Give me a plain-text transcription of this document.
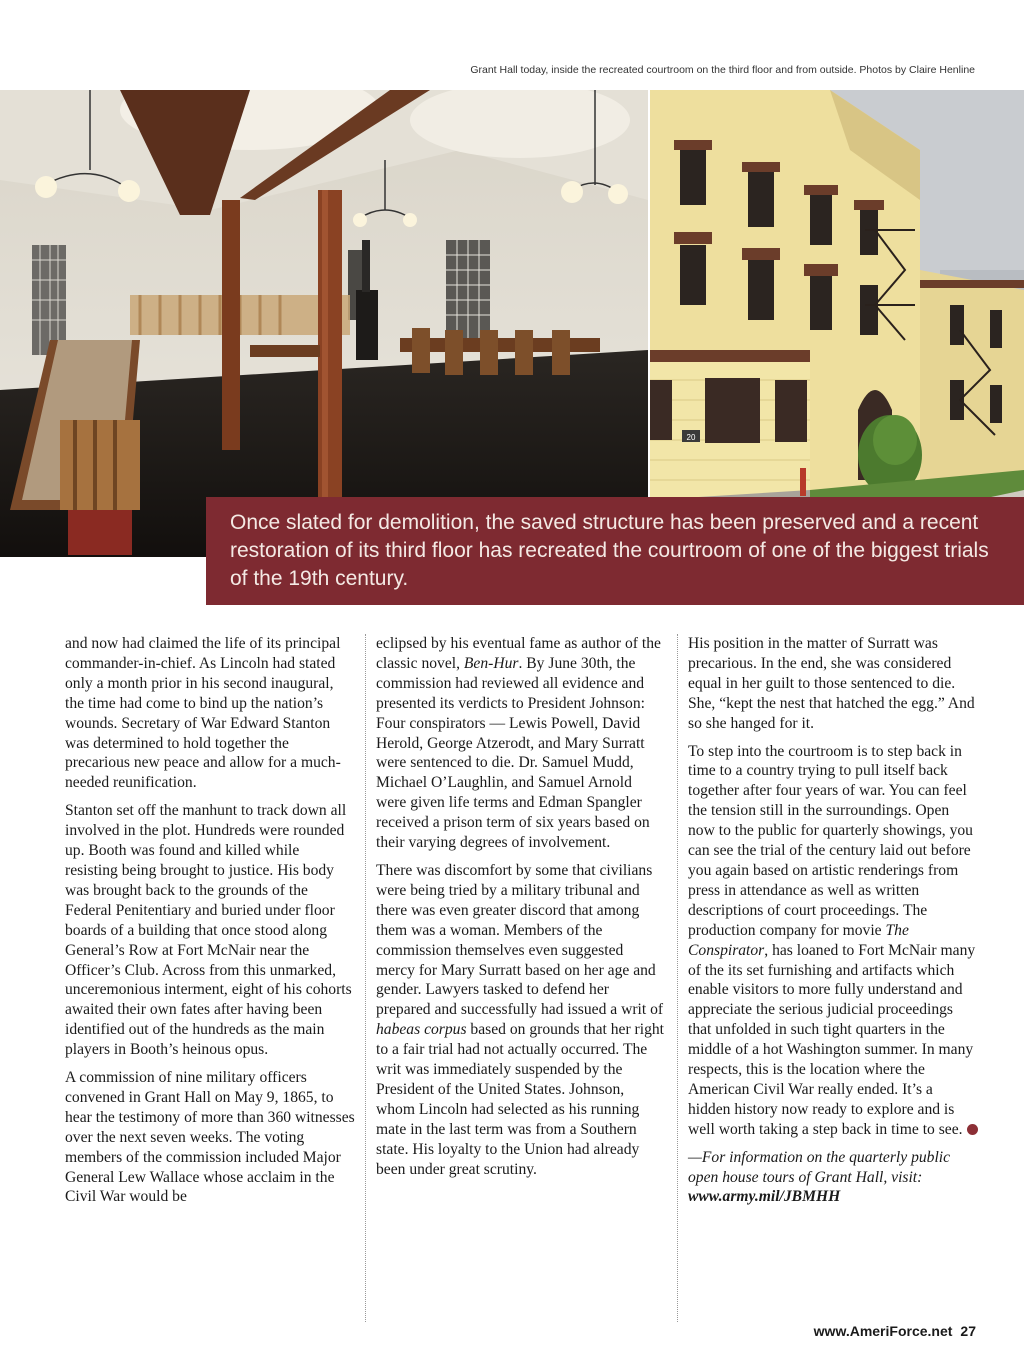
Grant Hall today, inside the recreated courtroom on the third floor and from outside. Photos by Claire Henline
20
Once slated for demolition, the saved structure has been preserved and a recent restoration of its third floor has recreated the courtroom of one of the biggest trials of the 19th century.

and now had claimed the life of its principal commander-in-chief. As Lincoln had stated only a month prior in his second inaugural, the time had come to bind up the nation’s wounds. Secretary of War Edward Stanton was determined to hold together the precarious new peace and allow for a much-needed reunification.

Stanton set off the manhunt to track down all involved in the plot. Hundreds were rounded up. Booth was found and killed while resisting being brought to justice. His body was brought back to the grounds of the Federal Penitentiary and buried under floor boards of a building that once stood along General’s Row at Fort McNair near the Officer’s Club. Across from this unmarked, unceremonious interment, eight of his cohorts awaited their own fates after having been identified out of the hundreds as the main players in Booth’s heinous opus.

A commission of nine military officers convened in Grant Hall on May 9, 1865, to hear the testimony of more than 360 witnesses over the next seven weeks. The voting members of the commission included Major General Lew Wallace whose acclaim in the Civil War would be

eclipsed by his eventual fame as author of the classic novel, Ben-Hur. By June 30th, the commission had reviewed all evidence and presented its verdicts to President Johnson: Four conspirators — Lewis Powell, David Herold, George Atzerodt, and Mary Surratt were sentenced to die. Dr. Samuel Mudd, Michael O’Laughlin, and Samuel Arnold were given life terms and Edman Spangler received a prison term of six years based on their varying degrees of involvement.

There was discomfort by some that civilians were being tried by a military tribunal and there was even greater discord that among them was a woman. Members of the commission themselves even suggested mercy for Mary Surratt based on her age and gender. Lawyers tasked to defend her prepared and successfully had issued a writ of habeas corpus based on grounds that her right to a fair trial had not actually occurred. The writ was immediately suspended by the President of the United States. Johnson, whom Lincoln had selected as his running mate in the last term was from a Southern state. His loyalty to the Union had already been under great scrutiny.

His position in the matter of Surratt was precarious. In the end, she was considered equal in her guilt to those sentenced to die. She, “kept the nest that hatched the egg.” And so she hanged for it.

To step into the courtroom is to step back in time to a country trying to pull itself back together after four years of war. You can feel the tension still in the surroundings. Open now to the public for quarterly showings, you can see the trial of the century laid out before you again based on artistic renderings from press in attendance as well as written descriptions of court proceedings. The production company for movie The Conspirator, has loaned to Fort McNair many of the its set furnishing and artifacts which enable visitors to more fully understand and appreciate the serious judicial proceedings that unfolded in such tight quarters in the middle of a hot Washington summer. In many respects, this is the location where the American Civil War really ended. It’s a hidden history now ready to explore and is well worth taking a step back in time to see.

—For information on the quarterly public open house tours of Grant Hall, visit: www.army.mil/JBMHH

www.AmeriForce.net 27
